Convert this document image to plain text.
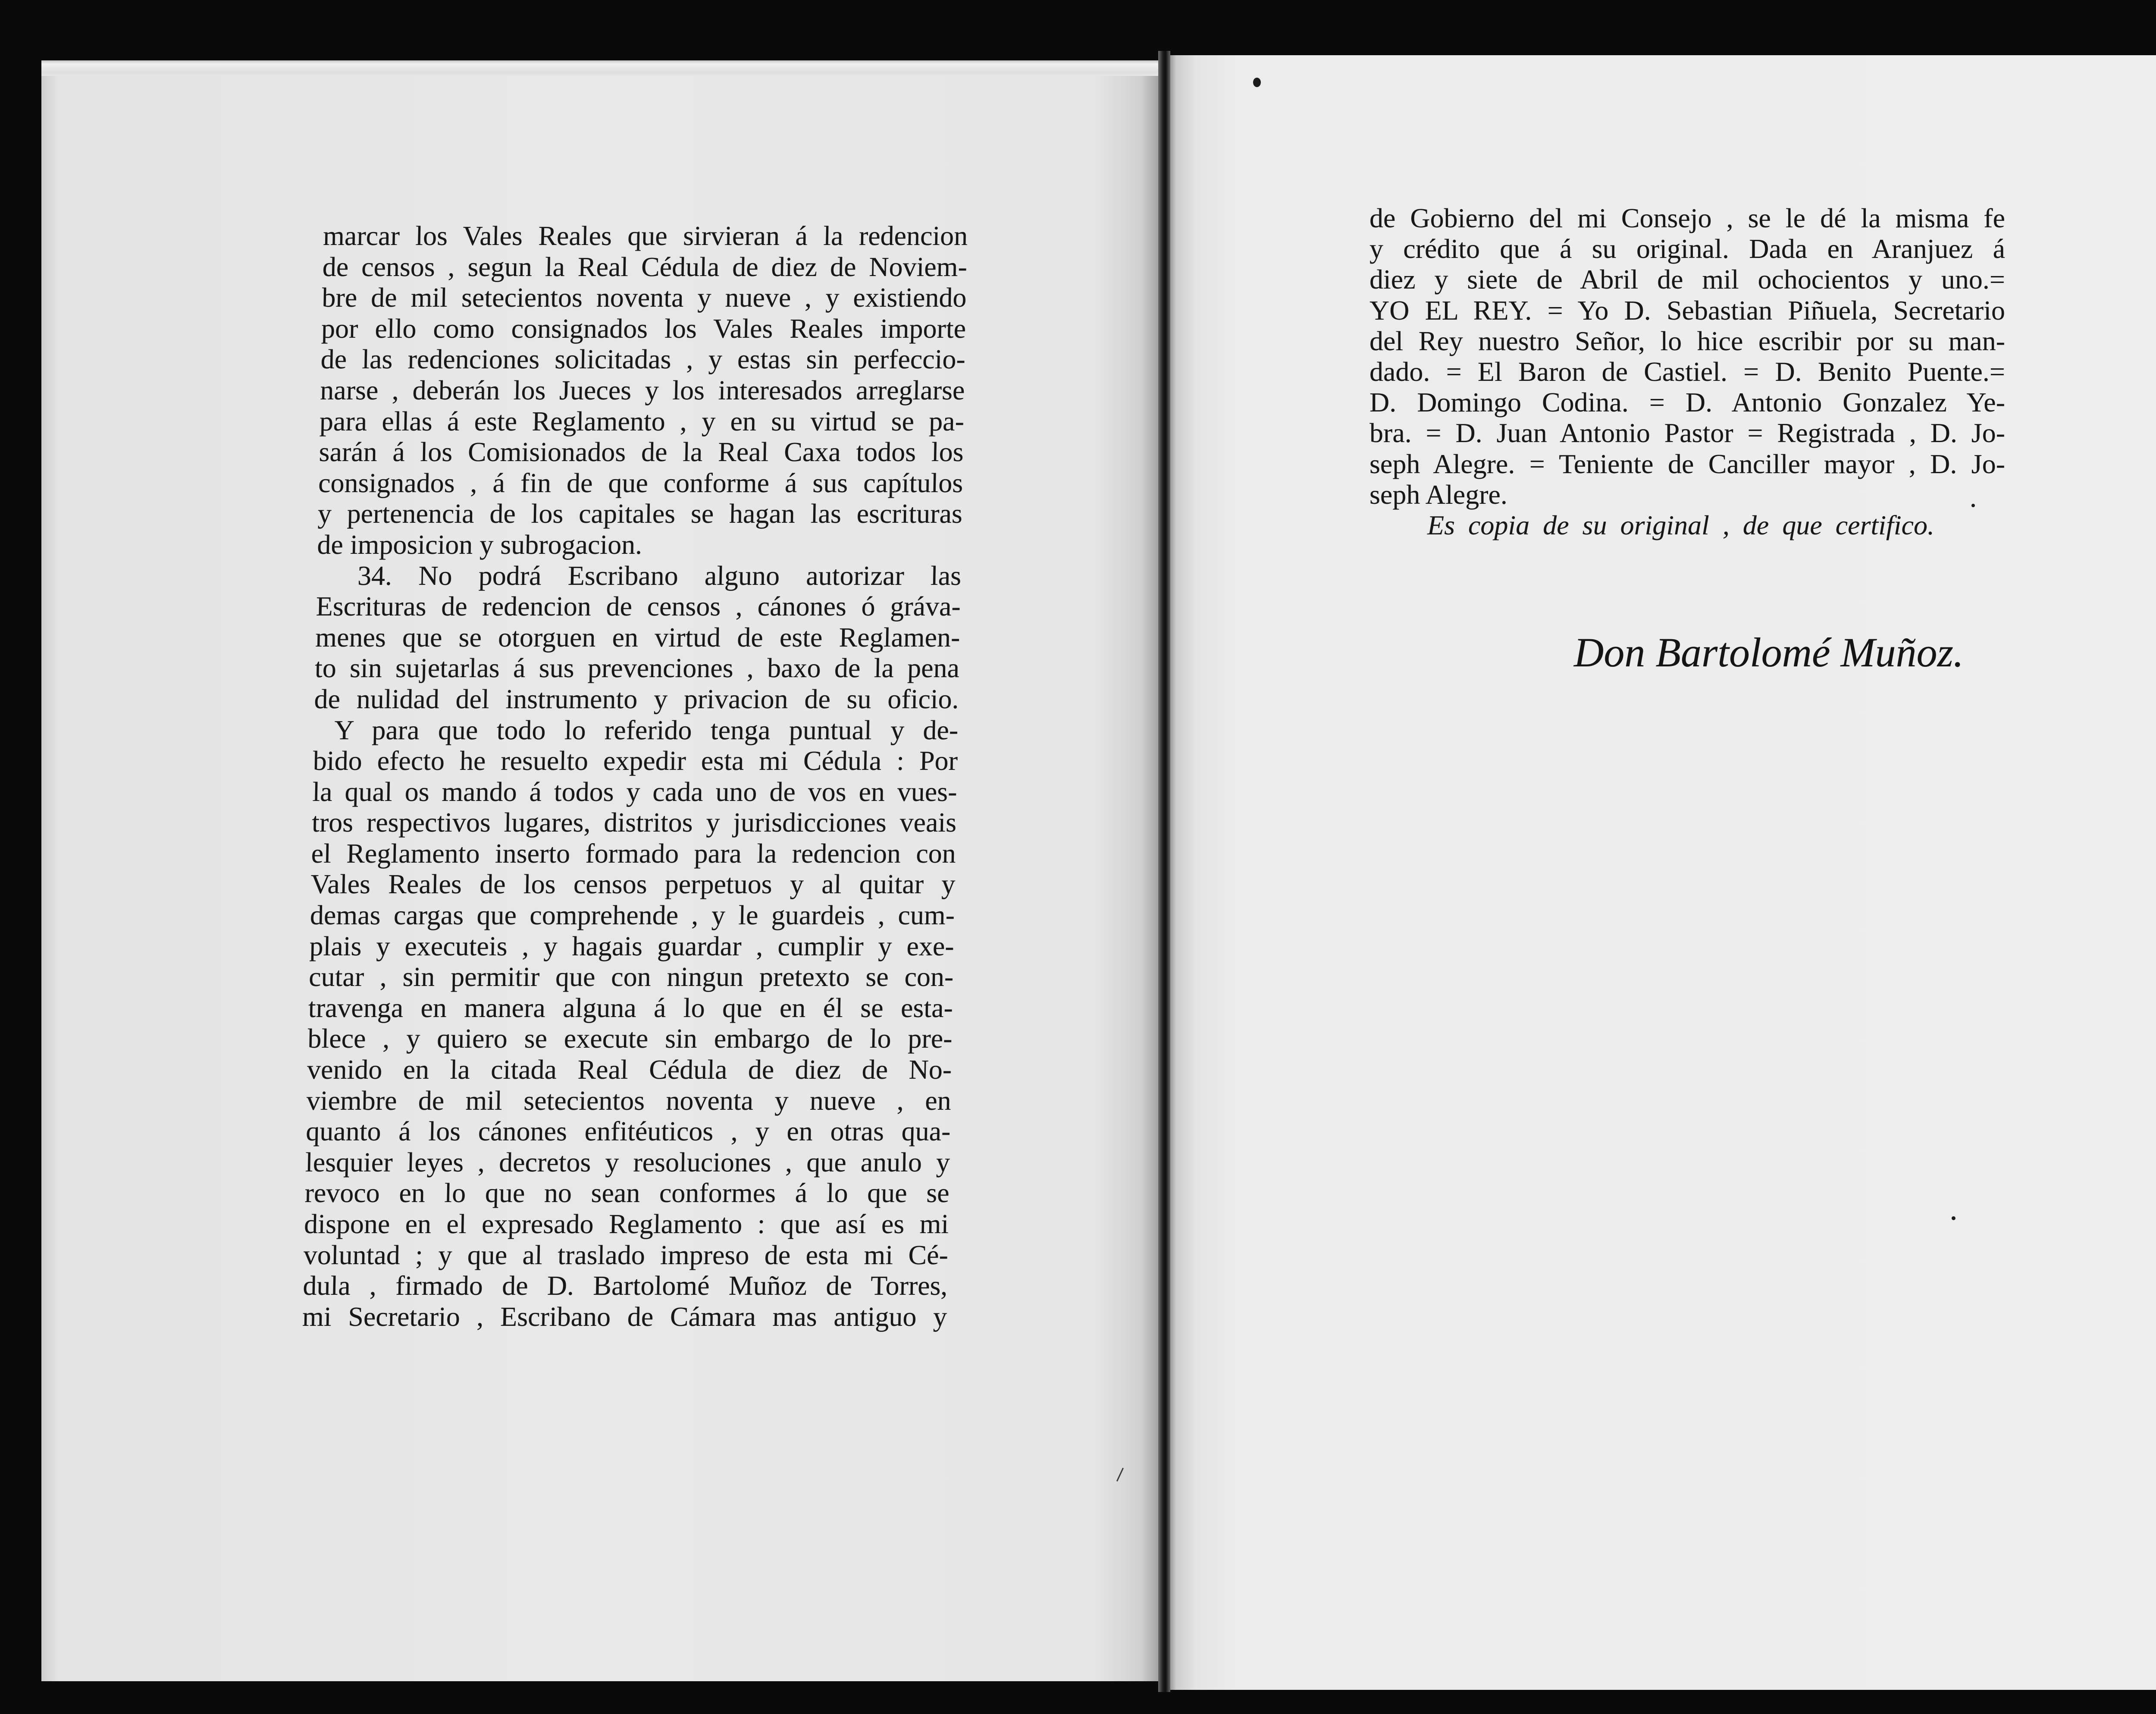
marcar los Vales Reales que sirvieran á la redencion
de censos , segun la Real Cédula de diez de Noviem-
bre de mil setecientos noventa y nueve , y existiendo
por ello como consignados los Vales Reales importe
de las redenciones solicitadas , y estas sin perfeccio-
narse , deberán los Jueces y los interesados arreglarse
para ellas á este Reglamento , y en su virtud se pa-
sarán á los Comisionados de la Real Caxa todos los
consignados , á fin de que conforme á sus capítulos
y pertenencia de los capitales se hagan las escrituras
de imposicion y subrogacion.
34. No podrá Escribano alguno autorizar las
Escrituras de redencion de censos , cánones ó gráva-
menes que se otorguen en virtud de este Reglamen-
to sin sujetarlas á sus prevenciones , baxo de la pena
de nulidad del instrumento y privacion de su oficio.
Y para que todo lo referido tenga puntual y de-
bido efecto he resuelto expedir esta mi Cédula : Por
la qual os mando á todos y cada uno de vos en vues-
tros respectivos lugares, distritos y jurisdicciones veais
el Reglamento inserto formado para la redencion con
Vales Reales de los censos perpetuos y al quitar y
demas cargas que comprehende , y le guardeis , cum-
plais y executeis , y hagais guardar , cumplir y exe-
cutar , sin permitir que con ningun pretexto se con-
travenga en manera alguna á lo que en él se esta-
blece , y quiero se execute sin embargo de lo pre-
venido en la citada Real Cédula de diez de No-
viembre de mil setecientos noventa y nueve , en
quanto á los cánones enfitéuticos , y en otras qua-
lesquier leyes , decretos y resoluciones , que anulo y
revoco en lo que no sean conformes á lo que se
dispone en el expresado Reglamento : que así es mi
voluntad ; y que al traslado impreso de esta mi Cé-
dula , firmado de D. Bartolomé Muñoz de Torres,
mi Secretario , Escribano de Cámara mas antiguo y
de Gobierno del mi Consejo , se le dé la misma fe
y crédito que á su original. Dada en Aranjuez á
diez y siete de Abril de mil ochocientos y uno.=
YO EL REY. = Yo D. Sebastian Piñuela, Secretario
del Rey nuestro Señor, lo hice escribir por su man-
dado. = El Baron de Castiel. = D. Benito Puente.=
D. Domingo Codina. = D. Antonio Gonzalez Ye-
bra. = D. Juan Antonio Pastor = Registrada , D. Jo-
seph Alegre. = Teniente de Canciller mayor , D. Jo-
seph Alegre.
Es copia de su original , de que certifico.
Don Bartolomé Muñoz.
